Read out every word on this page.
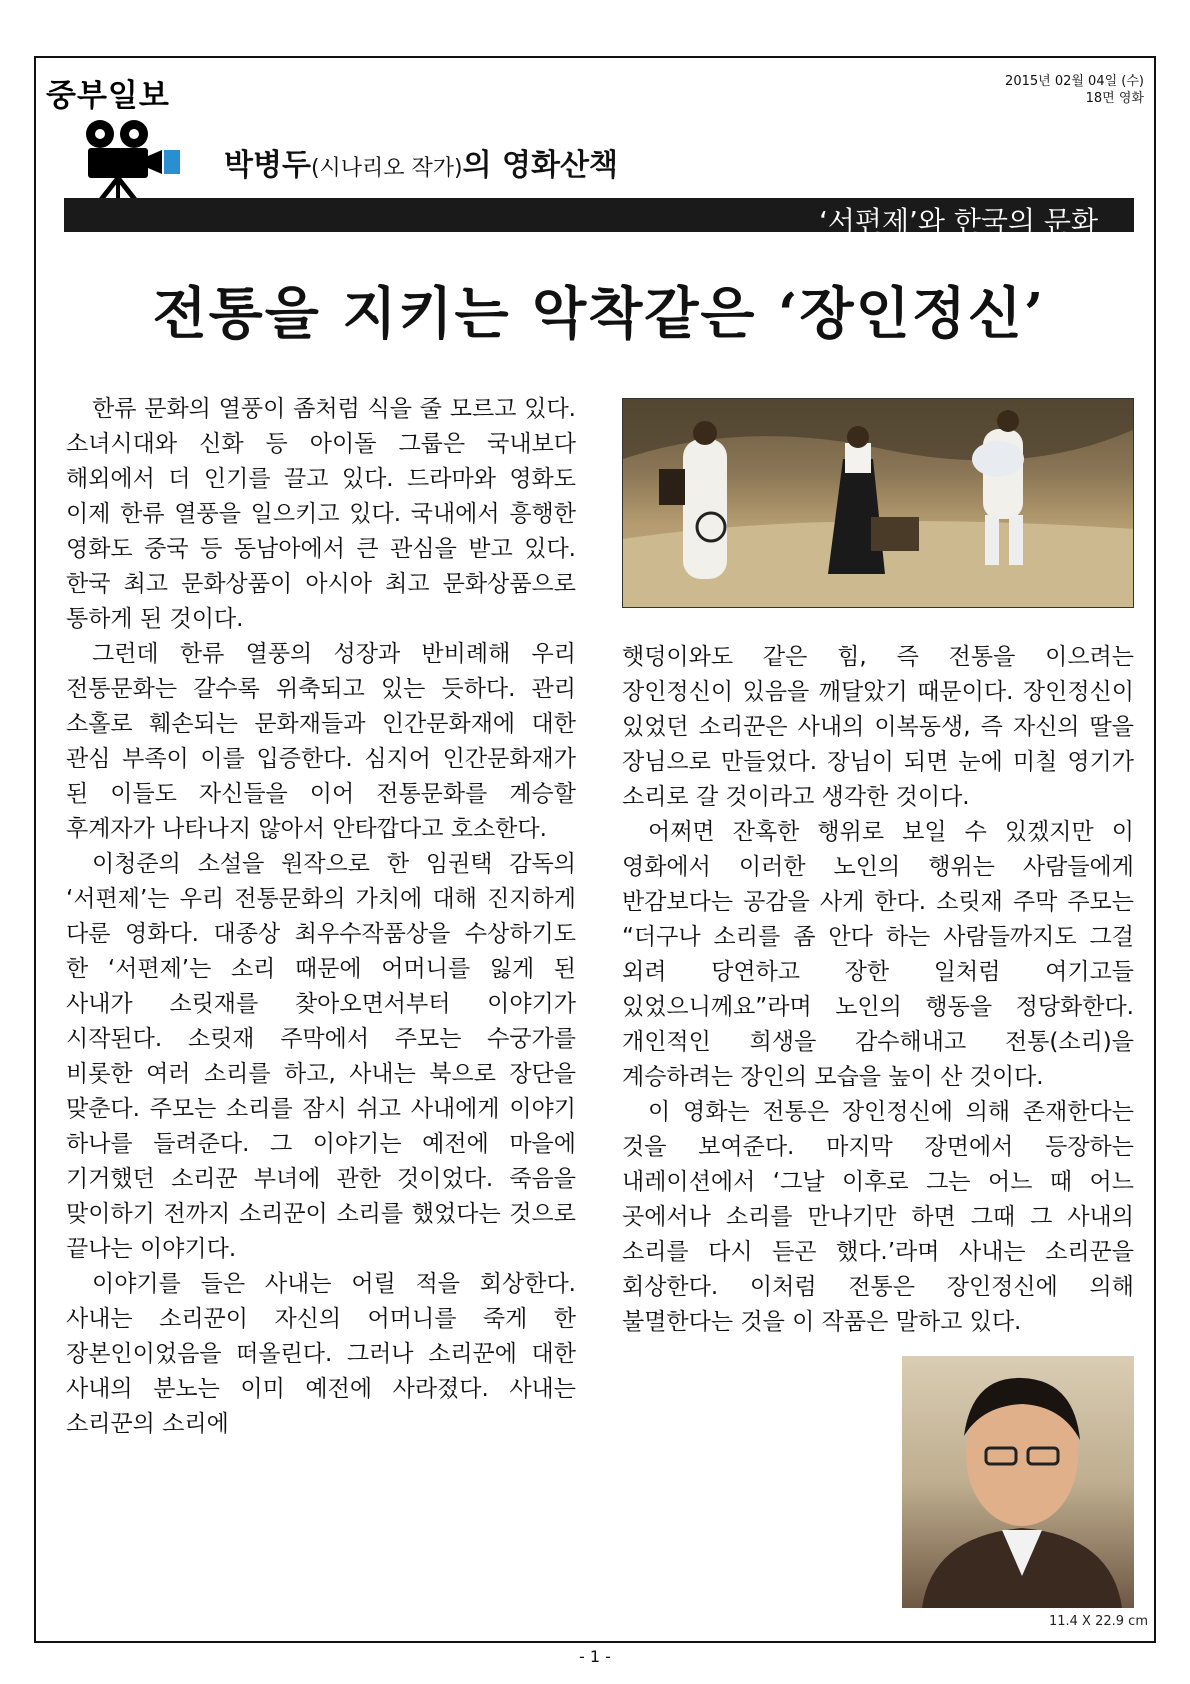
중부일보	2015년 02월 04일 (수)
18면 영화
박병두(시나리오 작가)의 영화산책
‘서편제’와 한국의 문화
전통을 지키는 악착같은 ‘장인정신’

한류 문화의 열풍이 좀처럼 식을 줄 모르고 있다. 소녀시대와 신화 등 아이돌 그룹은 국내보다 해외에서 더 인기를 끌고 있다. 드라마와 영화도 이제 한류 열풍을 일으키고 있다. 국내에서 흥행한 영화도 중국 등 동남아에서 큰 관심을 받고 있다. 한국 최고 문화상품이 아시아 최고 문화상품으로 통하게 된 것이다.

그런데 한류 열풍의 성장과 반비례해 우리 전통문화는 갈수록 위축되고 있는 듯하다. 관리 소홀로 훼손되는 문화재들과 인간문화재에 대한 관심 부족이 이를 입증한다. 심지어 인간문화재가 된 이들도 자신들을 이어 전통문화를 계승할 후계자가 나타나지 않아서 안타깝다고 호소한다.

이청준의 소설을 원작으로 한 임권택 감독의 ‘서편제’는 우리 전통문화의 가치에 대해 진지하게 다룬 영화다. 대종상 최우수작품상을 수상하기도 한 ‘서편제’는 소리 때문에 어머니를 잃게 된 사내가 소릿재를 찾아오면서부터 이야기가 시작된다. 소릿재 주막에서 주모는 수궁가를 비롯한 여러 소리를 하고, 사내는 북으로 장단을 맞춘다. 주모는 소리를 잠시 쉬고 사내에게 이야기 하나를 들려준다. 그 이야기는 예전에 마을에 기거했던 소리꾼 부녀에 관한 것이었다. 죽음을 맞이하기 전까지 소리꾼이 소리를 했었다는 것으로 끝나는 이야기다.

이야기를 들은 사내는 어릴 적을 회상한다. 사내는 소리꾼이 자신의 어머니를 죽게 한 장본인이었음을 떠올린다. 그러나 소리꾼에 대한 사내의 분노는 이미 예전에 사라졌다. 사내는 소리꾼의 소리에

햇덩이와도 같은 힘, 즉 전통을 이으려는 장인정신이 있음을 깨달았기 때문이다. 장인정신이 있었던 소리꾼은 사내의 이복동생, 즉 자신의 딸을 장님으로 만들었다. 장님이 되면 눈에 미칠 영기가 소리로 갈 것이라고 생각한 것이다.

어쩌면 잔혹한 행위로 보일 수 있겠지만 이 영화에서 이러한 노인의 행위는 사람들에게 반감보다는 공감을 사게 한다. 소릿재 주막 주모는 “더구나 소리를 좀 안다 하는 사람들까지도 그걸 외려 당연하고 장한 일처럼 여기고들 있었으니께요”라며 노인의 행동을 정당화한다. 개인적인 희생을 감수해내고 전통(소리)을 계승하려는 장인의 모습을 높이 산 것이다.

이 영화는 전통은 장인정신에 의해 존재한다는 것을 보여준다. 마지막 장면에서 등장하는 내레이션에서 ‘그날 이후로 그는 어느 때 어느 곳에서나 소리를 만나기만 하면 그때 그 사내의 소리를 다시 듣곤 했다.’라며 사내는 소리꾼을 회상한다. 이처럼 전통은 장인정신에 의해 불멸한다는 것을 이 작품은 말하고 있다.

11.4 X 22.9 cm
- 1 -
